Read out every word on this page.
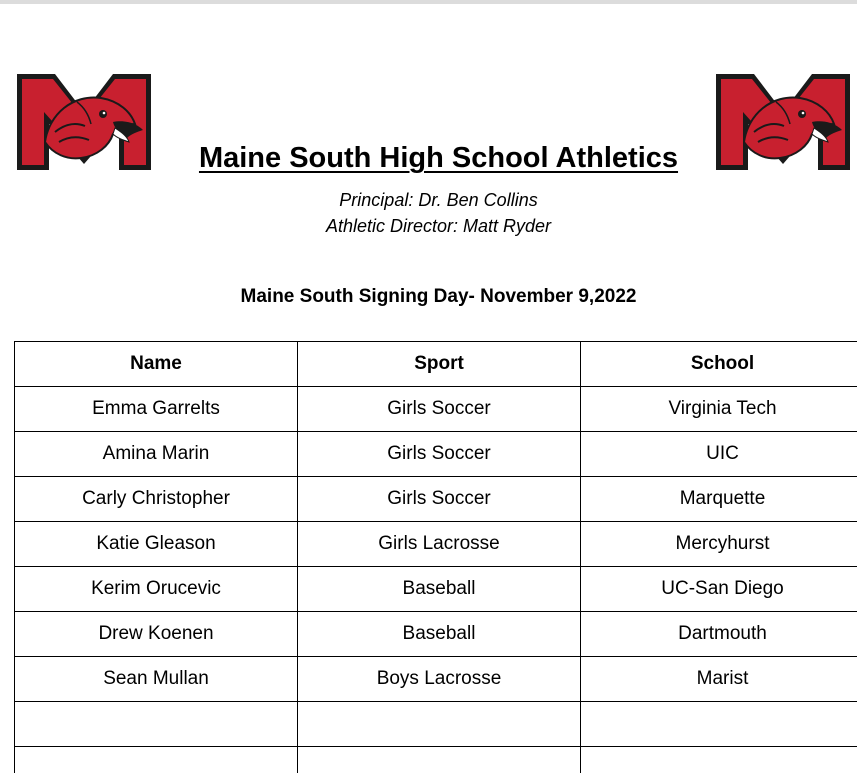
Maine South High School Athletics
Principal: Dr. Ben Collins
Athletic Director: Matt Ryder
Maine South Signing Day- November 9,2022
Name	Sport	School
Emma Garrelts	Girls Soccer	Virginia Tech
Amina Marin	Girls Soccer	UIC
Carly Christopher	Girls Soccer	Marquette
Katie Gleason	Girls Lacrosse	Mercyhurst
Kerim Orucevic	Baseball	UC-San Diego
Drew Koenen	Baseball	Dartmouth
Sean Mullan	Boys Lacrosse	Marist
